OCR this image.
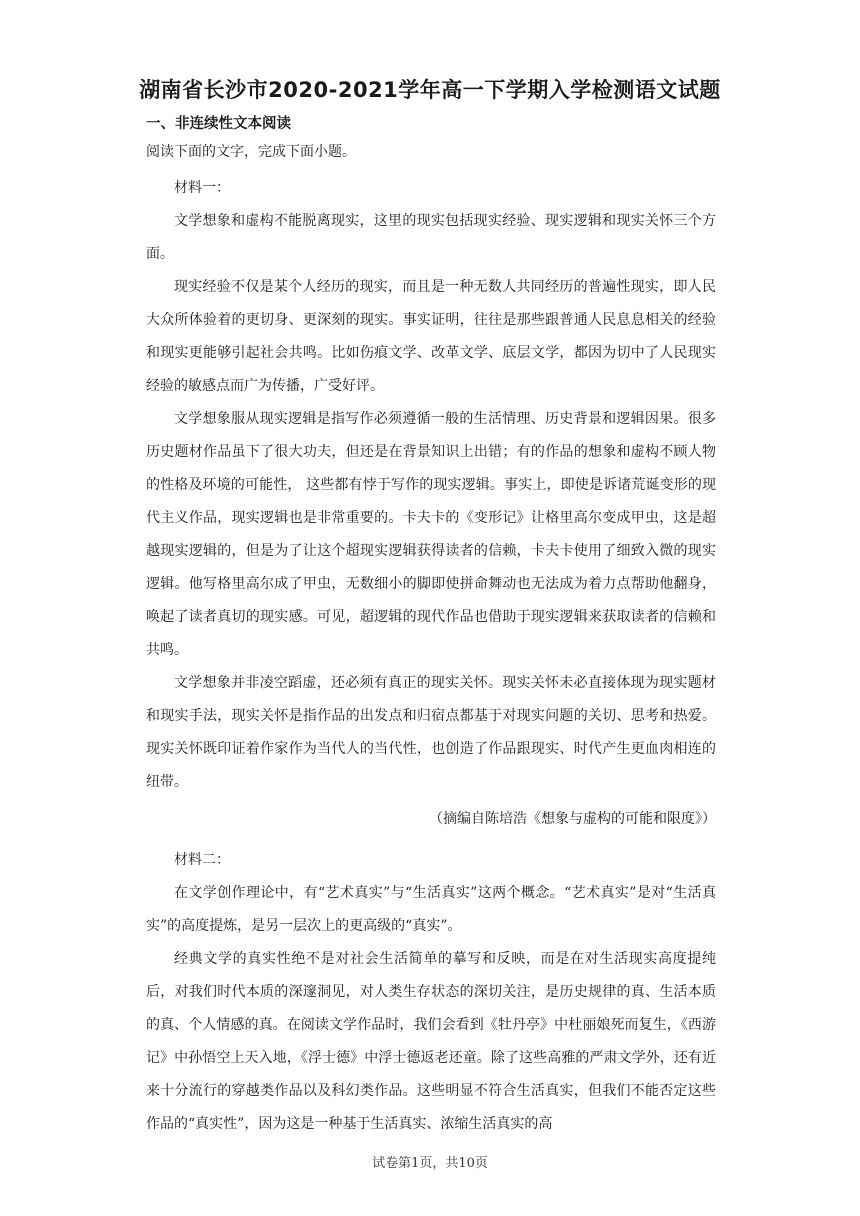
湖南省长沙市2020-2021学年高一下学期入学检测语文试题

一、非连续性文本阅读

阅读下面的文字，完成下面小题。

材料一：

文学想象和虚构不能脱离现实，这里的现实包括现实经验、现实逻辑和现实关怀三个方面。

现实经验不仅是某个人经历的现实，而且是一种无数人共同经历的普遍性现实，即人民大众所体验着的更切身、更深刻的现实。事实证明，往往是那些跟普通人民息息相关的经验和现实更能够引起社会共鸣。比如伤痕文学、改革文学、底层文学，都因为切中了人民现实经验的敏感点而广为传播，广受好评。

文学想象服从现实逻辑是指写作必须遵循一般的生活情理、历史背景和逻辑因果。很多历史题材作品虽下了很大功夫，但还是在背景知识上出错；有的作品的想象和虚构不顾人物的性格及环境的可能性， 这些都有悖于写作的现实逻辑。事实上，即使是诉诸荒诞变形的现代主义作品，现实逻辑也是非常重要的。卡夫卡的《变形记》让格里高尔变成甲虫，这是超越现实逻辑的，但是为了让这个超现实逻辑获得读者的信赖，卡夫卡使用了细致入微的现实逻辑。他写格里高尔成了甲虫，无数细小的脚即使拼命舞动也无法成为着力点帮助他翻身，唤起了读者真切的现实感。可见，超逻辑的现代作品也借助于现实逻辑来获取读者的信赖和共鸣。

文学想象并非凌空蹈虚，还必须有真正的现实关怀。现实关怀未必直接体现为现实题材和现实手法，现实关怀是指作品的出发点和归宿点都基于对现实问题的关切、思考和热爱。现实关怀既印证着作家作为当代人的当代性，也创造了作品跟现实、时代产生更血肉相连的纽带。

（摘编自陈培浩《想象与虚构的可能和限度》）

材料二：

在文学创作理论中，有“艺术真实”与“生活真实”这两个概念。“艺术真实”是对“生活真实”的高度提炼，是另一层次上的更高级的“真实”。

经典文学的真实性绝不是对社会生活简单的摹写和反映，而是在对生活现实高度提纯后，对我们时代本质的深邃洞见，对人类生存状态的深切关注，是历史规律的真、生活本质的真、个人情感的真。在阅读文学作品时，我们会看到《牡丹亭》中杜丽娘死而复生，《西游记》中孙悟空上天入地，《浮士德》中浮士德返老还童。除了这些高雅的严肃文学外，还有近来十分流行的穿越类作品以及科幻类作品。这些明显不符合生活真实，但我们不能否定这些作品的“真实性”，因为这是一种基于生活真实、浓缩生活真实的高

试卷第1页，共10页
